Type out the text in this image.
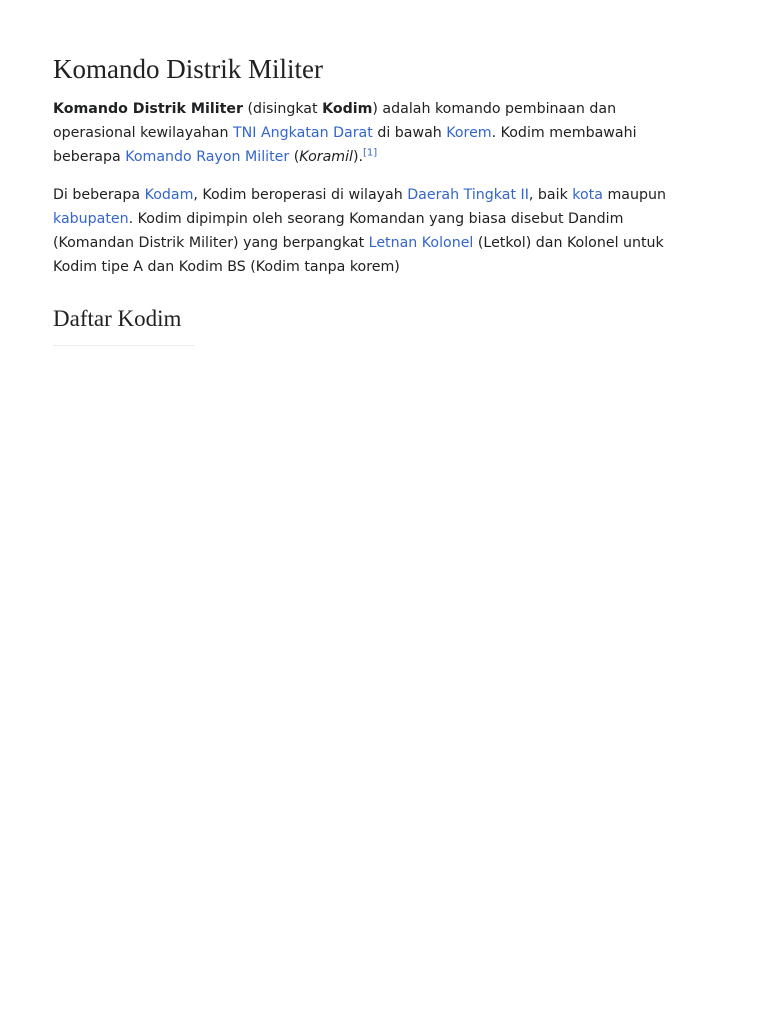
Komando Distrik Militer

Komando Distrik Militer (disingkat Kodim) adalah komando pembinaan dan operasional kewilayahan TNI Angkatan Darat di bawah Korem. Kodim membawahi beberapa Komando Rayon Militer (Koramil).[1]

Di beberapa Kodam, Kodim beroperasi di wilayah Daerah Tingkat II, baik kota maupun kabupaten. Kodim dipimpin oleh seorang Komandan yang biasa disebut Dandim (Komandan Distrik Militer) yang berpangkat Letnan Kolonel (Letkol) dan Kolonel untuk Kodim tipe A dan Kodim BS (Kodim tanpa korem)

Daftar Kodim
